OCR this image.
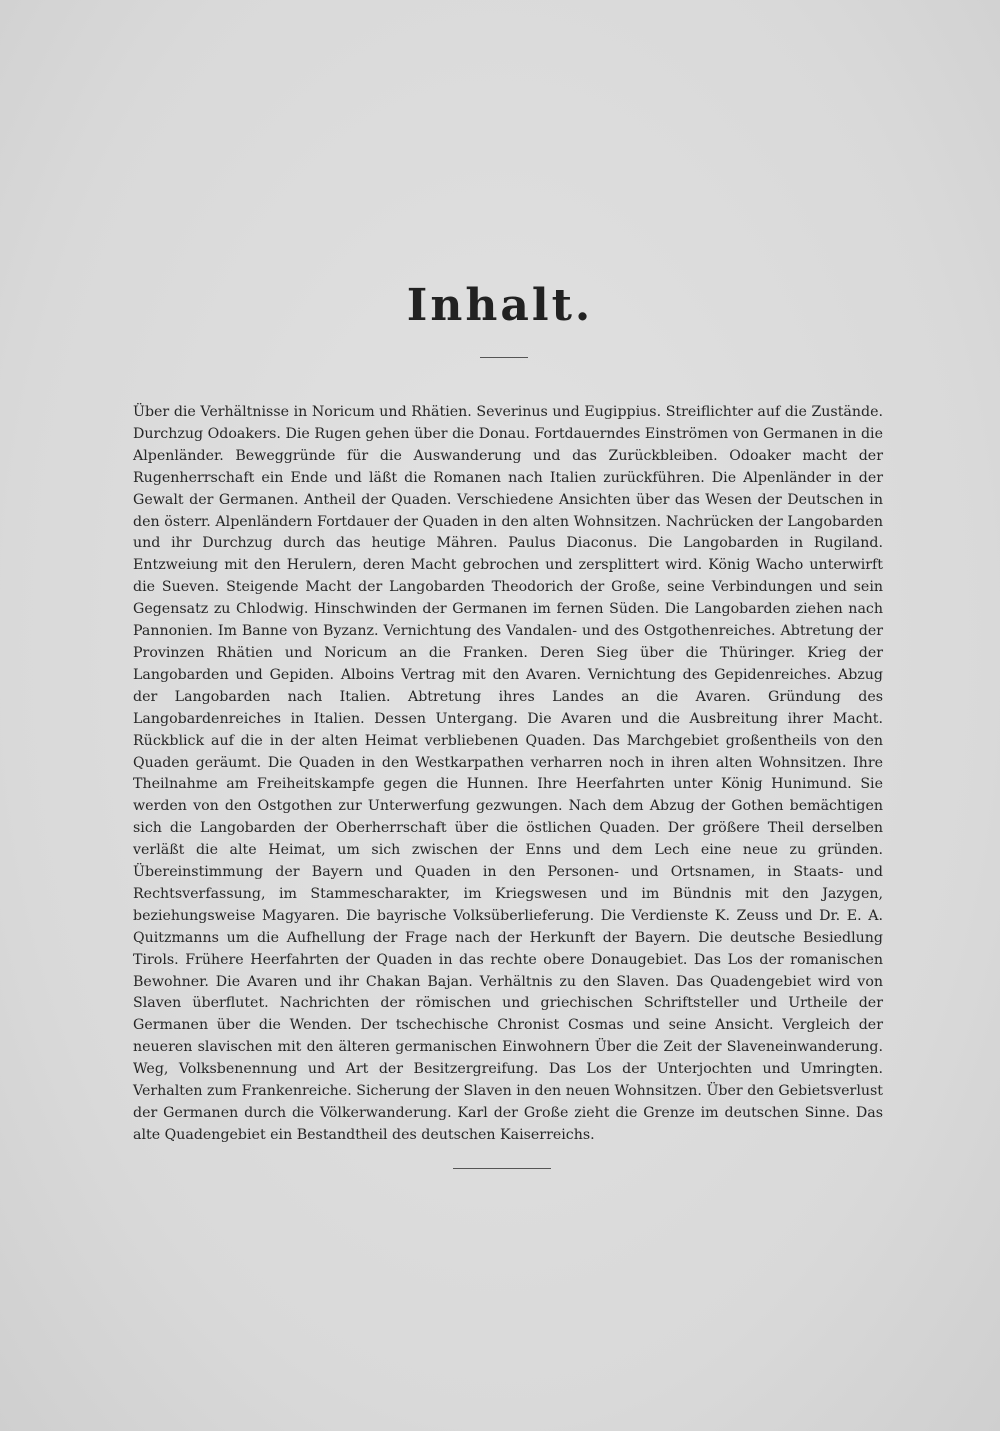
Inhalt.
Über die Verhältnisse in Noricum und Rhätien. Severinus und Eugippius. Streiflichter auf die Zustände. Durchzug Odoakers. Die Rugen gehen über die Donau. Fortdauerndes Einströmen von Germanen in die Alpenländer. Beweggründe für die Auswanderung und das Zurückbleiben. Odoaker macht der Rugenherrschaft ein Ende und läßt die Romanen nach Italien zurückführen. Die Alpenländer in der Gewalt der Germanen. Antheil der Quaden. Verschiedene Ansichten über das Wesen der Deutschen in den österr. Alpenländern Fortdauer der Quaden in den alten Wohnsitzen. Nachrücken der Langobarden und ihr Durchzug durch das heutige Mähren. Paulus Diaconus. Die Langobarden in Rugiland. Entzweiung mit den Herulern, deren Macht gebrochen und zersplittert wird. König Wacho unterwirft die Sueven. Steigende Macht der Langobarden Theodorich der Große, seine Verbindungen und sein Gegensatz zu Chlodwig. Hinschwinden der Germanen im fernen Süden. Die Langobarden ziehen nach Pannonien. Im Banne von Byzanz. Vernichtung des Vandalen- und des Ostgothenreiches. Abtretung der Provinzen Rhätien und Noricum an die Franken. Deren Sieg über die Thüringer. Krieg der Langobarden und Gepiden. Alboins Vertrag mit den Avaren. Vernichtung des Gepidenreiches. Abzug der Langobarden nach Italien. Abtretung ihres Landes an die Avaren. Gründung des Langobardenreiches in Italien. Dessen Untergang. Die Avaren und die Ausbreitung ihrer Macht. Rückblick auf die in der alten Heimat verbliebenen Quaden. Das Marchgebiet großentheils von den Quaden geräumt. Die Quaden in den Westkarpathen verharren noch in ihren alten Wohnsitzen. Ihre Theilnahme am Freiheitskampfe gegen die Hunnen. Ihre Heerfahrten unter König Hunimund. Sie werden von den Ostgothen zur Unterwerfung gezwungen. Nach dem Abzug der Gothen bemächtigen sich die Langobarden der Oberherrschaft über die östlichen Quaden. Der größere Theil derselben verläßt die alte Heimat, um sich zwischen der Enns und dem Lech eine neue zu gründen. Übereinstimmung der Bayern und Quaden in den Personen- und Ortsnamen, in Staats- und Rechtsverfassung, im Stammescharakter, im Kriegswesen und im Bündnis mit den Jazygen, beziehungsweise Magyaren. Die bayrische Volksüberlieferung. Die Verdienste K. Zeuss und Dr. E. A. Quitzmanns um die Aufhellung der Frage nach der Herkunft der Bayern. Die deutsche Besiedlung Tirols. Frühere Heerfahrten der Quaden in das rechte obere Donaugebiet. Das Los der romanischen Bewohner. Die Avaren und ihr Chakan Bajan. Verhältnis zu den Slaven. Das Quadengebiet wird von Slaven überflutet. Nachrichten der römischen und griechischen Schriftsteller und Urtheile der Germanen über die Wenden. Der tschechische Chronist Cosmas und seine Ansicht. Vergleich der neueren slavischen mit den älteren germanischen Einwohnern Über die Zeit der Slaveneinwanderung. Weg, Volksbenennung und Art der Besitzergreifung. Das Los der Unterjochten und Umringten. Verhalten zum Frankenreiche. Sicherung der Slaven in den neuen Wohnsitzen. Über den Gebietsverlust der Germanen durch die Völkerwanderung. Karl der Große zieht die Grenze im deutschen Sinne. Das alte Quadengebiet ein Bestandtheil des deutschen Kaiserreichs.
